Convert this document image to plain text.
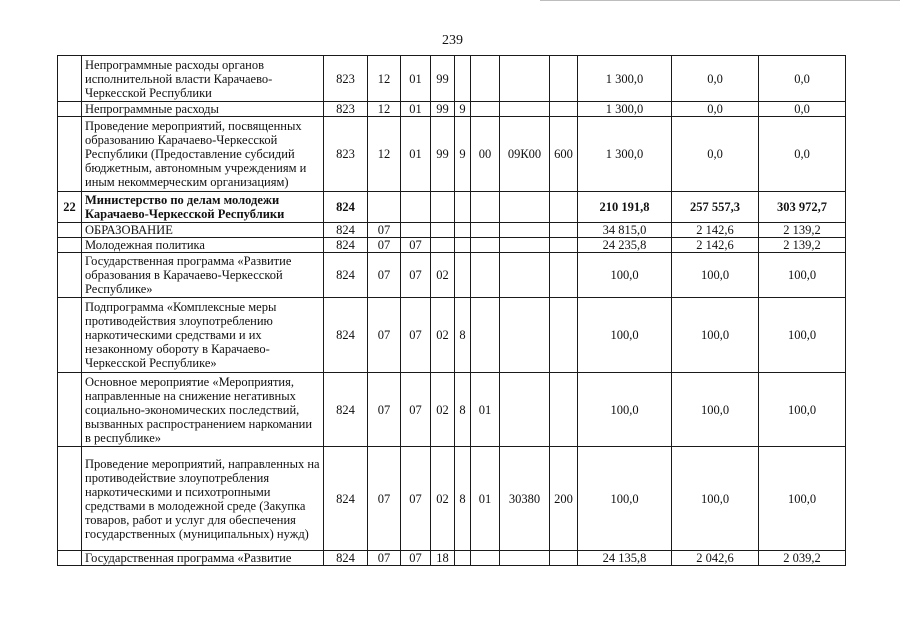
239
	Непрограммные расходы органов исполнительной власти Карачаево-Черкесской Республики	823	12	01	99					1 300,0	0,0	0,0
	Непрограммные расходы	823	12	01	99	9				1 300,0	0,0	0,0
	Проведение мероприятий, посвященных образованию Карачаево-Черкесской Республики (Предоставление субсидий бюджетным, автономным учреждениям и иным некоммерческим организациям)	823	12	01	99	9	00	09К00	600	1 300,0	0,0	0,0
22	Министерство по делам молодежи Карачаево-Черкесской Республики	824								210 191,8	257 557,3	303 972,7
	ОБРАЗОВАНИЕ	824	07							34 815,0	2 142,6	2 139,2
	Молодежная политика	824	07	07						24 235,8	2 142,6	2 139,2
	Государственная программа «Развитие образования в Карачаево-Черкесской Республике»	824	07	07	02					100,0	100,0	100,0
	Подпрограмма «Комплексные меры противодействия злоупотреблению наркотическими средствами и их незаконному обороту в Карачаево-Черкесской Республике»	824	07	07	02	8				100,0	100,0	100,0
	Основное мероприятие «Мероприятия, направленные на снижение негативных социально-экономических последствий, вызванных распространением наркомании в республике»	824	07	07	02	8	01			100,0	100,0	100,0
	Проведение мероприятий, направленных на противодействие злоупотребления наркотическими и психотропными средствами в молодежной среде (Закупка товаров, работ и услуг для обеспечения государственных (муниципальных) нужд)	824	07	07	02	8	01	30380	200	100,0	100,0	100,0
	Государственная программа «Развитие	824	07	07	18					24 135,8	2 042,6	2 039,2
